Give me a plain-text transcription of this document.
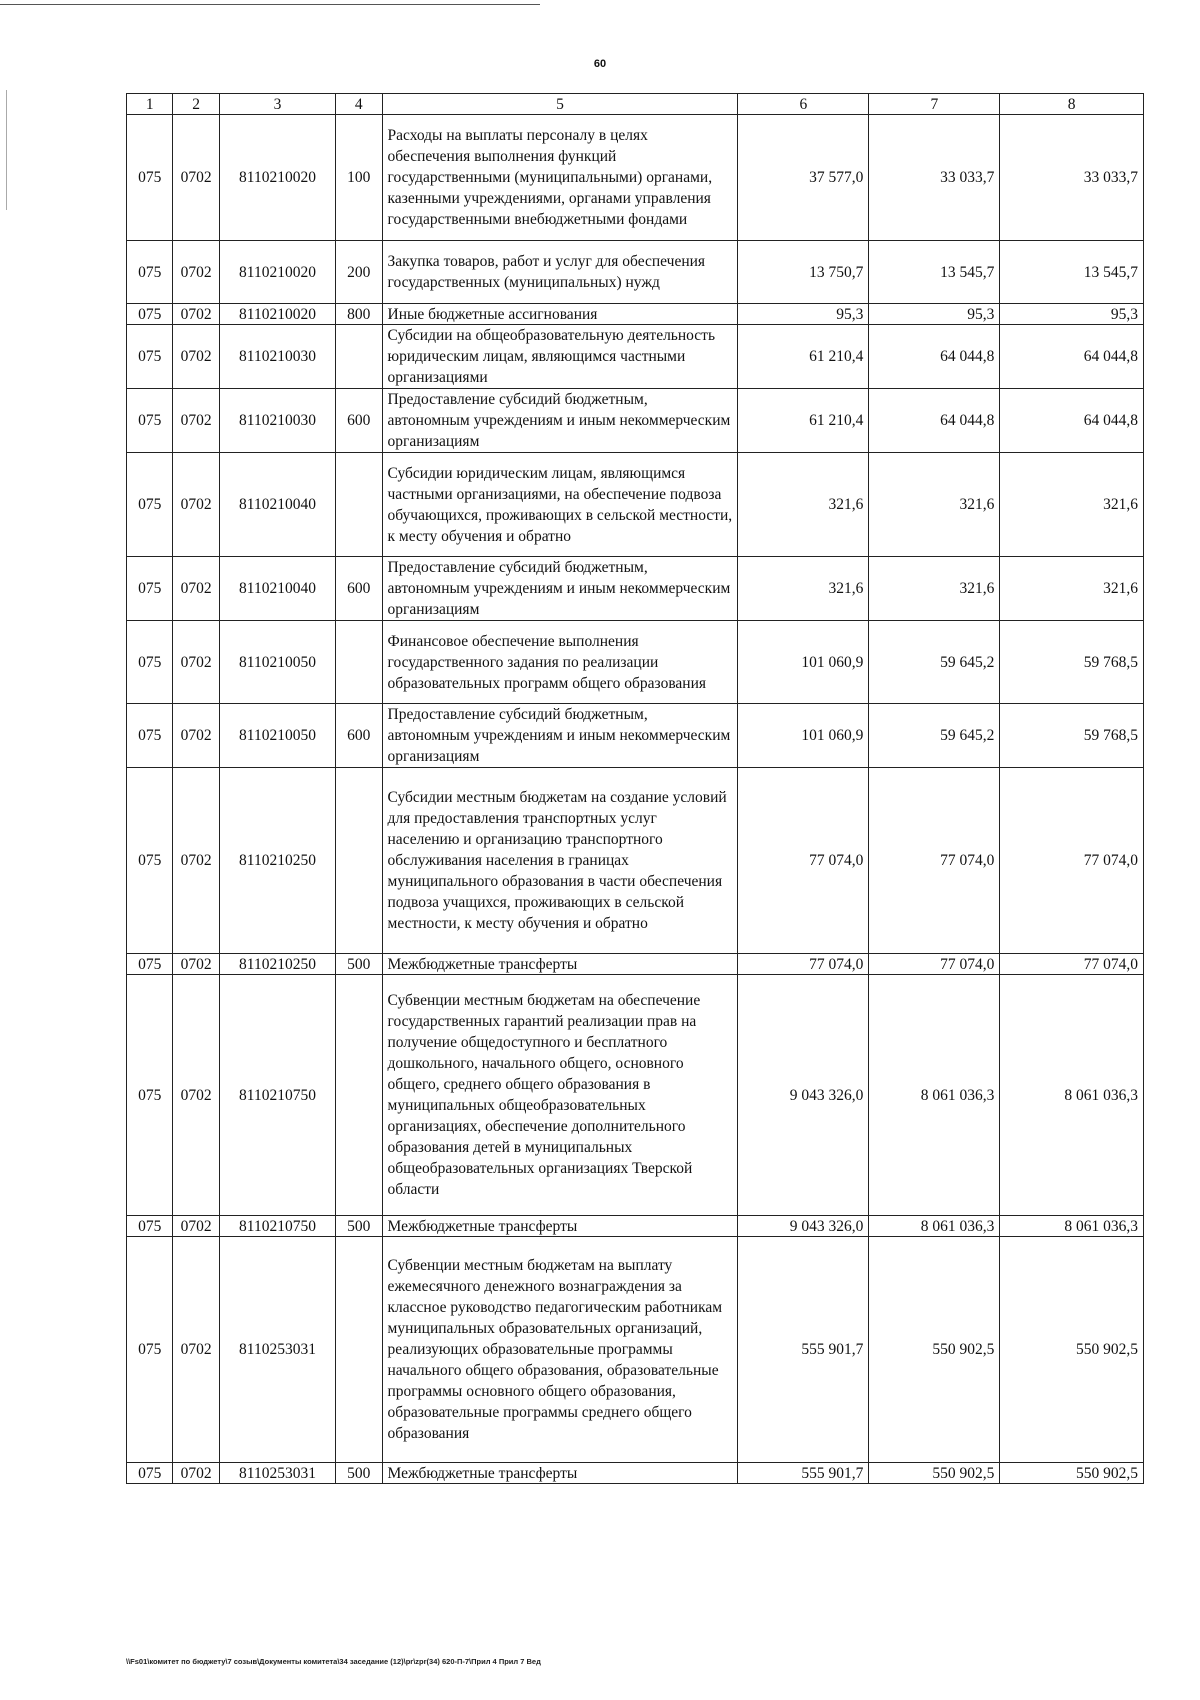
60
1	2	3	4	5	6	7	8
075	0702	8110210020	100	Расходы на выплаты персоналу в целях обеспечения выполнения функций государственными (муниципальными) органами, казенными учреждениями, органами управления государственными внебюджетными фондами	37 577,0	33 033,7	33 033,7
075	0702	8110210020	200	Закупка товаров, работ и услуг для обеспечения государственных (муниципальных) нужд	13 750,7	13 545,7	13 545,7
075	0702	8110210020	800	Иные бюджетные ассигнования	95,3	95,3	95,3
075	0702	8110210030		Субсидии на общеобразовательную деятельность юридическим лицам, являющимся частными организациями	61 210,4	64 044,8	64 044,8
075	0702	8110210030	600	Предоставление субсидий бюджетным, автономным учреждениям и иным некоммерческим организациям	61 210,4	64 044,8	64 044,8
075	0702	8110210040		Субсидии юридическим лицам, являющимся частными организациями, на обеспечение подвоза обучающихся, проживающих в сельской местности, к месту обучения и обратно	321,6	321,6	321,6
075	0702	8110210040	600	Предоставление субсидий бюджетным, автономным учреждениям и иным некоммерческим организациям	321,6	321,6	321,6
075	0702	8110210050		Финансовое обеспечение выполнения государственного задания по реализации образовательных программ общего образования	101 060,9	59 645,2	59 768,5
075	0702	8110210050	600	Предоставление субсидий бюджетным, автономным учреждениям и иным некоммерческим организациям	101 060,9	59 645,2	59 768,5
075	0702	8110210250		Субсидии местным бюджетам на создание условий для предоставления транспортных услуг населению и организацию транспортного обслуживания населения в границах муниципального образования в части обеспечения подвоза учащихся, проживающих в сельской местности, к месту обучения и обратно	77 074,0	77 074,0	77 074,0
075	0702	8110210250	500	Межбюджетные трансферты	77 074,0	77 074,0	77 074,0
075	0702	8110210750		Субвенции местным бюджетам на обеспечение государственных гарантий реализации прав на получение общедоступного и бесплатного дошкольного, начального общего, основного общего, среднего общего образования в муниципальных общеобразовательных организациях, обеспечение дополнительного образования детей в муниципальных общеобразовательных организациях Тверской области	9 043 326,0	8 061 036,3	8 061 036,3
075	0702	8110210750	500	Межбюджетные трансферты	9 043 326,0	8 061 036,3	8 061 036,3
075	0702	8110253031		Субвенции местным бюджетам на выплату ежемесячного денежного вознаграждения за классное руководство педагогическим работникам муниципальных образовательных организаций, реализующих образовательные программы начального общего образования, образовательные программы основного общего образования, образовательные программы среднего общего образования	555 901,7	550 902,5	550 902,5
075	0702	8110253031	500	Межбюджетные трансферты	555 901,7	550 902,5	550 902,5
\\Fs01\комитет по бюджету\7 созыв\Документы комитета\34 заседание (12)\pr\zpr(34) 620-П-7\Прил 4 Прил 7 Вед
